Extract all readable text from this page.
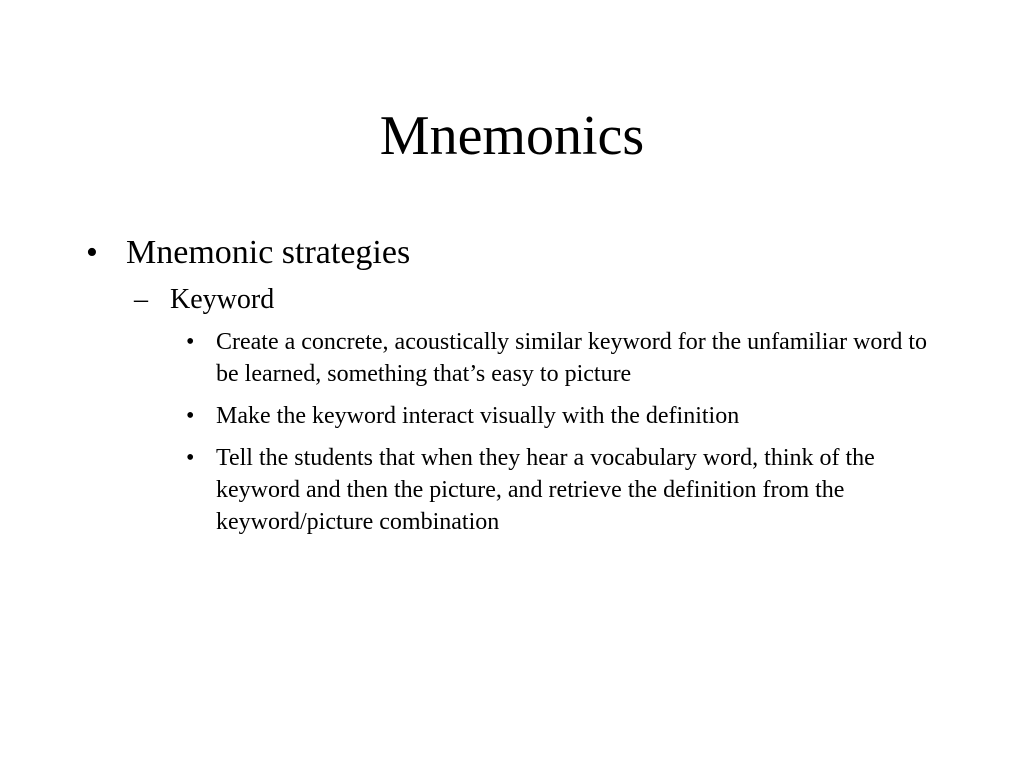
Mnemonics
• Mnemonic strategies
– Keyword
• Create a concrete, acoustically similar keyword for the unfamiliar word to be learned, something that’s easy to picture
• Make the keyword interact visually with the definition
• Tell the students that when they hear a vocabulary word, think of the keyword and then the picture, and retrieve the definition from the keyword/picture combination
